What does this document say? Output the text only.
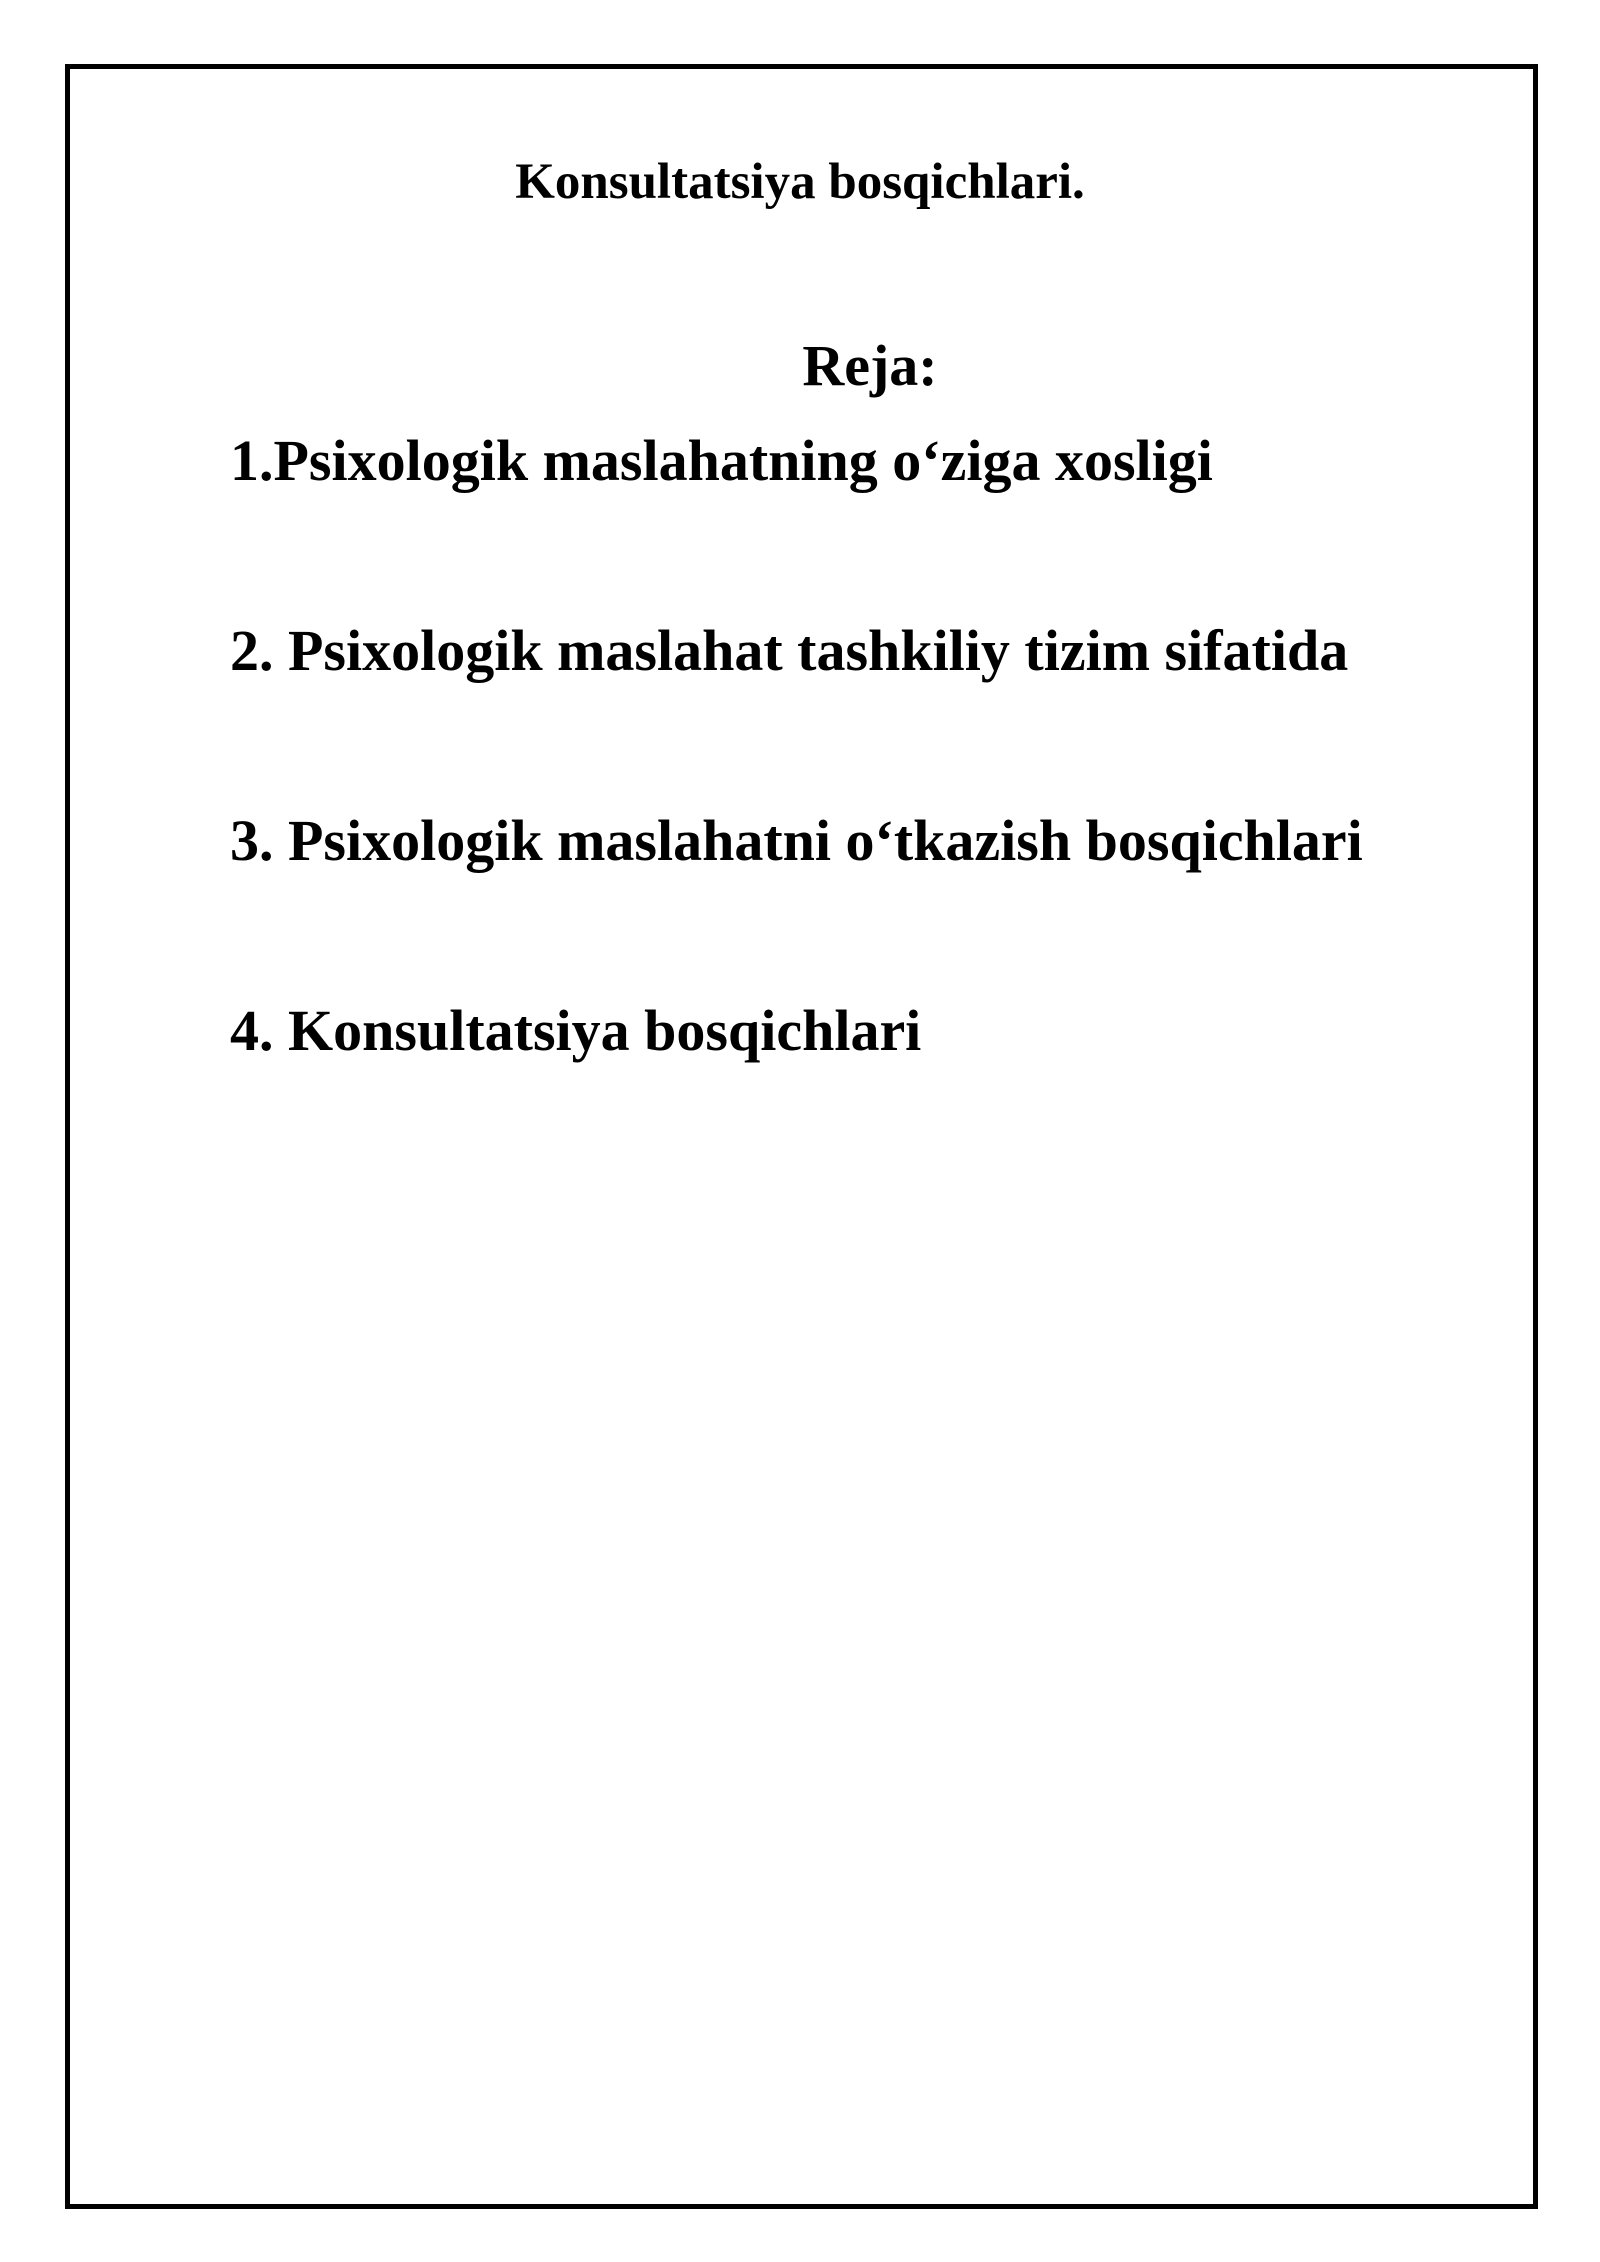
Konsultatsiya bosqichlari.
Reja:
1.Psixologik maslahatning o‘ziga xosligi
2. Psixologik maslahat tashkiliy tizim sifatida
3. Psixologik maslahatni o‘tkazish bosqichlari
4. Konsultatsiya bosqichlari
